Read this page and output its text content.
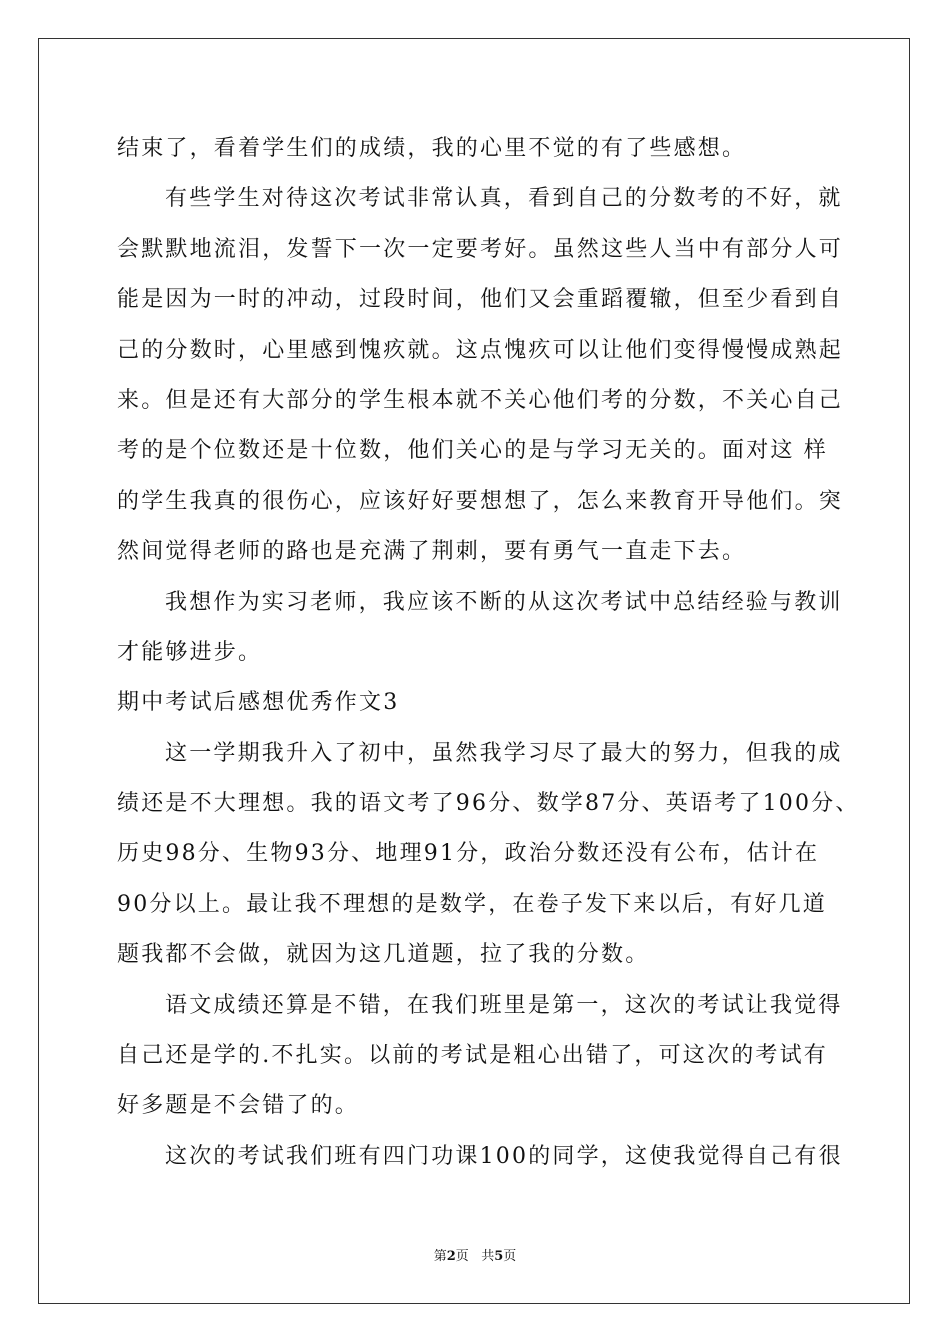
结束了，看着学生们的成绩，我的心里不觉的有了些感想。
有些学生对待这次考试非常认真，看到自己的分数考的不好，就
会默默地流泪，发誓下一次一定要考好。虽然这些人当中有部分人可
能是因为一时的冲动，过段时间，他们又会重蹈覆辙，但至少看到自
己的分数时，心里感到愧疚就。这点愧疚可以让他们变得慢慢成熟起
来。但是还有大部分的学生根本就不关心他们考的分数，不关心自己
考的是个位数还是十位数，他们关心的是与学习无关的。面对这 样
的学生我真的很伤心，应该好好要想想了，怎么来教育开导他们。突
然间觉得老师的路也是充满了荆刺，要有勇气一直走下去。
我想作为实习老师，我应该不断的从这次考试中总结经验与教训
才能够进步。
期中考试后感想优秀作文3
这一学期我升入了初中，虽然我学习尽了最大的努力，但我的成
绩还是不大理想。我的语文考了96分、数学87分、英语考了100分、
历史98分、生物93分、地理91分，政治分数还没有公布，估计在
90分以上。最让我不理想的是数学，在卷子发下来以后，有好几道
题我都不会做，就因为这几道题，拉了我的分数。
语文成绩还算是不错，在我们班里是第一，这次的考试让我觉得
自己还是学的.不扎实。以前的考试是粗心出错了，可这次的考试有
好多题是不会错了的。
这次的考试我们班有四门功课100的同学，这使我觉得自己有很
第2页   共5页
